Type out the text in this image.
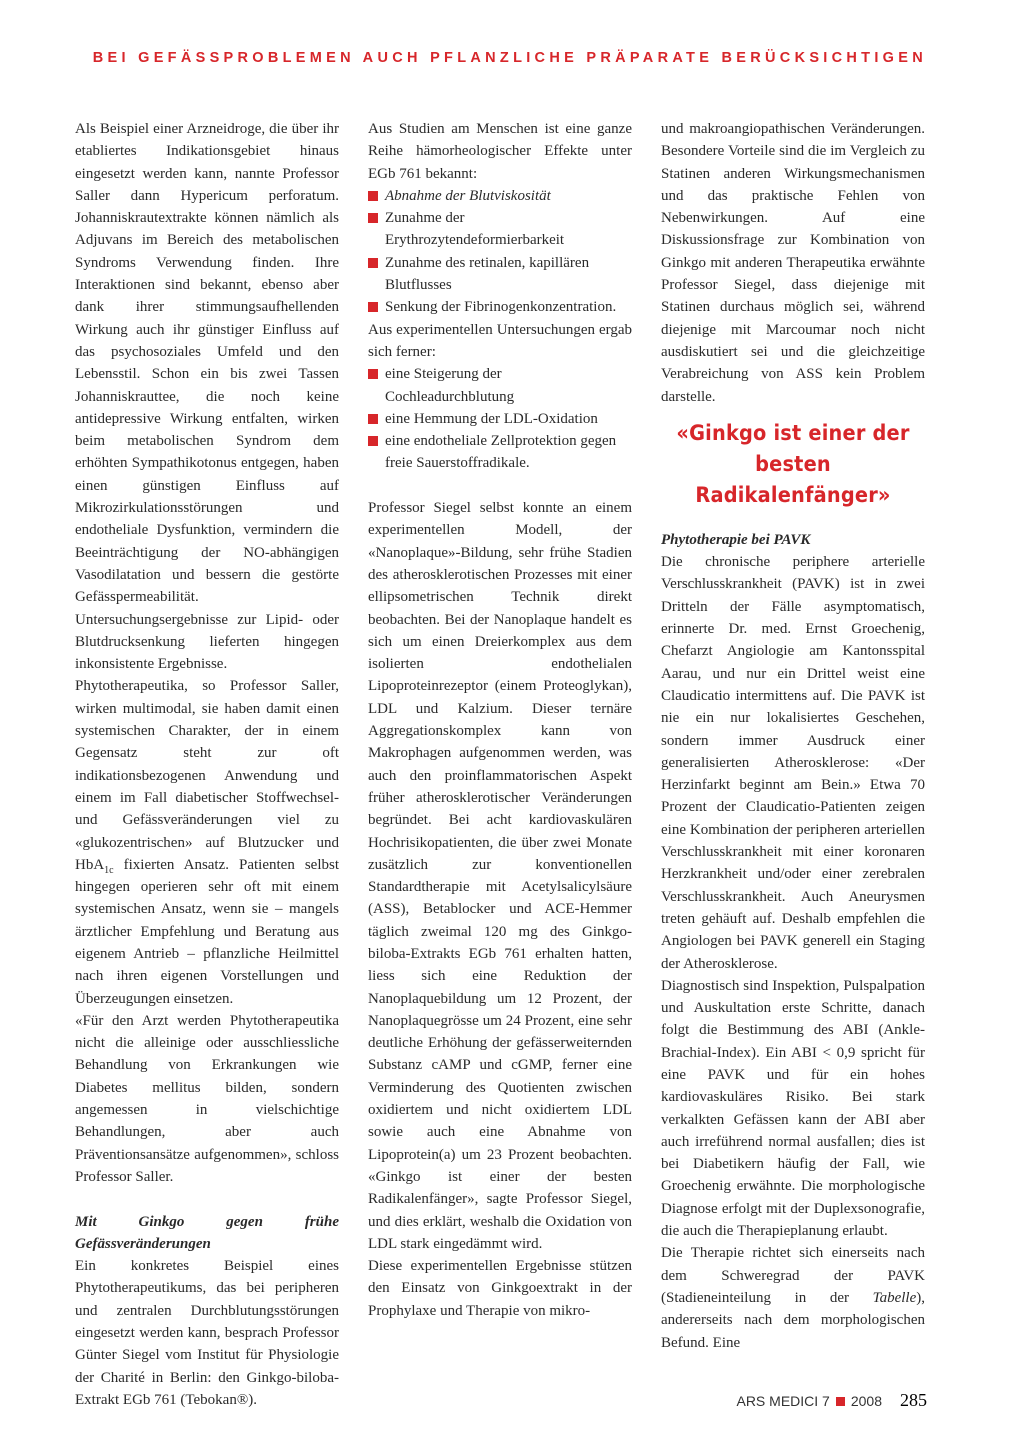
BEI GEFÄSSPROBLEMEN AUCH PFLANZLICHE PRÄPARATE BERÜCKSICHTIGEN

Als Beispiel einer Arzneidroge, die über ihr etabliertes Indikationsgebiet hinaus eingesetzt werden kann, nannte Professor Saller dann Hypericum perforatum. Johanniskrautextrakte können nämlich als Adjuvans im Bereich des metabolischen Syndroms Verwendung finden. Ihre Interaktionen sind bekannt, ebenso aber dank ihrer stimmungsaufhellenden Wirkung auch ihr günstiger Einfluss auf das psychosoziales Umfeld und den Lebensstil. Schon ein bis zwei Tassen Johanniskrauttee, die noch keine antidepressive Wirkung entfalten, wirken beim metabolischen Syndrom dem erhöhten Sympathikotonus entgegen, haben einen günstigen Einfluss auf Mikrozirkulationsstörungen und endotheliale Dysfunktion, vermindern die Beeinträchtigung der NO-abhängigen Vasodilatation und bessern die gestörte Gefässpermeabilität. Untersuchungsergebnisse zur Lipid- oder Blutdrucksenkung lieferten hingegen inkonsistente Ergebnisse.

Phytotherapeutika, so Professor Saller, wirken multimodal, sie haben damit einen systemischen Charakter, der in einem Gegensatz steht zur oft indikationsbezogenen Anwendung und einem im Fall diabetischer Stoffwechsel- und Gefässveränderungen viel zu «glukozentrischen» auf Blutzucker und HbA$_{1c}$ fixierten Ansatz. Patienten selbst hingegen operieren sehr oft mit einem systemischen Ansatz, wenn sie – mangels ärztlicher Empfehlung und Beratung aus eigenem Antrieb – pflanzliche Heilmittel nach ihren eigenen Vorstellungen und Überzeugungen einsetzen.

«Für den Arzt werden Phytotherapeutika nicht die alleinige oder ausschliessliche Behandlung von Erkrankungen wie Diabetes mellitus bilden, sondern angemessen in vielschichtige Behandlungen, aber auch Präventionsansätze aufgenommen», schloss Professor Saller.

Mit Ginkgo gegen frühe Gefässveränderungen

Ein konkretes Beispiel eines Phytotherapeutikums, das bei peripheren und zentralen Durchblutungsstörungen eingesetzt werden kann, besprach Professor Günter Siegel vom Institut für Physiologie der Charité in Berlin: den Ginkgo-biloba-Extrakt EGb 761 (Tebokan®).

Aus Studien am Menschen ist eine ganze Reihe hämorheologischer Effekte unter EGb 761 bekannt:

Abnahme der Blutviskosität
Zunahme der Erythrozytendeformierbarkeit
Zunahme des retinalen, kapillären Blutflusses
Senkung der Fibrinogenkonzentration.

Aus experimentellen Untersuchungen ergab sich ferner:

eine Steigerung der Cochleadurchblutung
eine Hemmung der LDL-Oxidation
eine endotheliale Zellprotektion gegen freie Sauerstoffradikale.

Professor Siegel selbst konnte an einem experimentellen Modell, der «Nanoplaque»-Bildung, sehr frühe Stadien des atherosklerotischen Prozesses mit einer ellipsometrischen Technik direkt beobachten. Bei der Nanoplaque handelt es sich um einen Dreierkomplex aus dem isolierten endothelialen Lipoproteinrezeptor (einem Proteoglykan), LDL und Kalzium. Dieser ternäre Aggregationskomplex kann von Makrophagen aufgenommen werden, was auch den proinflammatorischen Aspekt früher atherosklerotischer Veränderungen begründet. Bei acht kardiovaskulären Hochrisikopatienten, die über zwei Monate zusätzlich zur konventionellen Standardtherapie mit Acetylsalicylsäure (ASS), Betablocker und ACE-Hemmer täglich zweimal 120 mg des Ginkgo-biloba-Extrakts EGb 761 erhalten hatten, liess sich eine Reduktion der Nanoplaquebildung um 12 Prozent, der Nanoplaquegrösse um 24 Prozent, eine sehr deutliche Erhöhung der gefässerweiternden Substanz cAMP und cGMP, ferner eine Verminderung des Quotienten zwischen oxidiertem und nicht oxidiertem LDL sowie auch eine Abnahme von Lipoprotein(a) um 23 Prozent beobachten. «Ginkgo ist einer der besten Radikalenfänger», sagte Professor Siegel, und dies erklärt, weshalb die Oxidation von LDL stark eingedämmt wird.

Diese experimentellen Ergebnisse stützen den Einsatz von Ginkgoextrakt in der Prophylaxe und Therapie von mikro-

und makroangiopathischen Veränderungen. Besondere Vorteile sind die im Vergleich zu Statinen anderen Wirkungsmechanismen und das praktische Fehlen von Nebenwirkungen. Auf eine Diskussionsfrage zur Kombination von Ginkgo mit anderen Therapeutika erwähnte Professor Siegel, dass diejenige mit Statinen durchaus möglich sei, während diejenige mit Marcoumar noch nicht ausdiskutiert sei und die gleichzeitige Verabreichung von ASS kein Problem darstelle.

«Ginkgo ist einer der besten Radikalenfänger»

Phytotherapie bei PAVK

Die chronische periphere arterielle Verschlusskrankheit (PAVK) ist in zwei Dritteln der Fälle asymptomatisch, erinnerte Dr. med. Ernst Groechenig, Chefarzt Angiologie am Kantonsspital Aarau, und nur ein Drittel weist eine Claudicatio intermittens auf. Die PAVK ist nie ein nur lokalisiertes Geschehen, sondern immer Ausdruck einer generalisierten Atherosklerose: «Der Herzinfarkt beginnt am Bein.» Etwa 70 Prozent der Claudicatio-Patienten zeigen eine Kombination der peripheren arteriellen Verschlusskrankheit mit einer koronaren Herzkrankheit und/oder einer zerebralen Verschlusskrankheit. Auch Aneurysmen treten gehäuft auf. Deshalb empfehlen die Angiologen bei PAVK generell ein Staging der Atherosklerose.

Diagnostisch sind Inspektion, Pulspalpation und Auskultation erste Schritte, danach folgt die Bestimmung des ABI (Ankle-Brachial-Index). Ein ABI < 0,9 spricht für eine PAVK und für ein hohes kardiovaskuläres Risiko. Bei stark verkalkten Gefässen kann der ABI aber auch irreführend normal ausfallen; dies ist bei Diabetikern häufig der Fall, wie Groechenig erwähnte. Die morphologische Diagnose erfolgt mit der Duplexsonografie, die auch die Therapieplanung erlaubt.

Die Therapie richtet sich einerseits nach dem Schweregrad der PAVK (Stadieneinteilung in der Tabelle), andererseits nach dem morphologischen Befund. Eine

ARS MEDICI 7 2008 285
